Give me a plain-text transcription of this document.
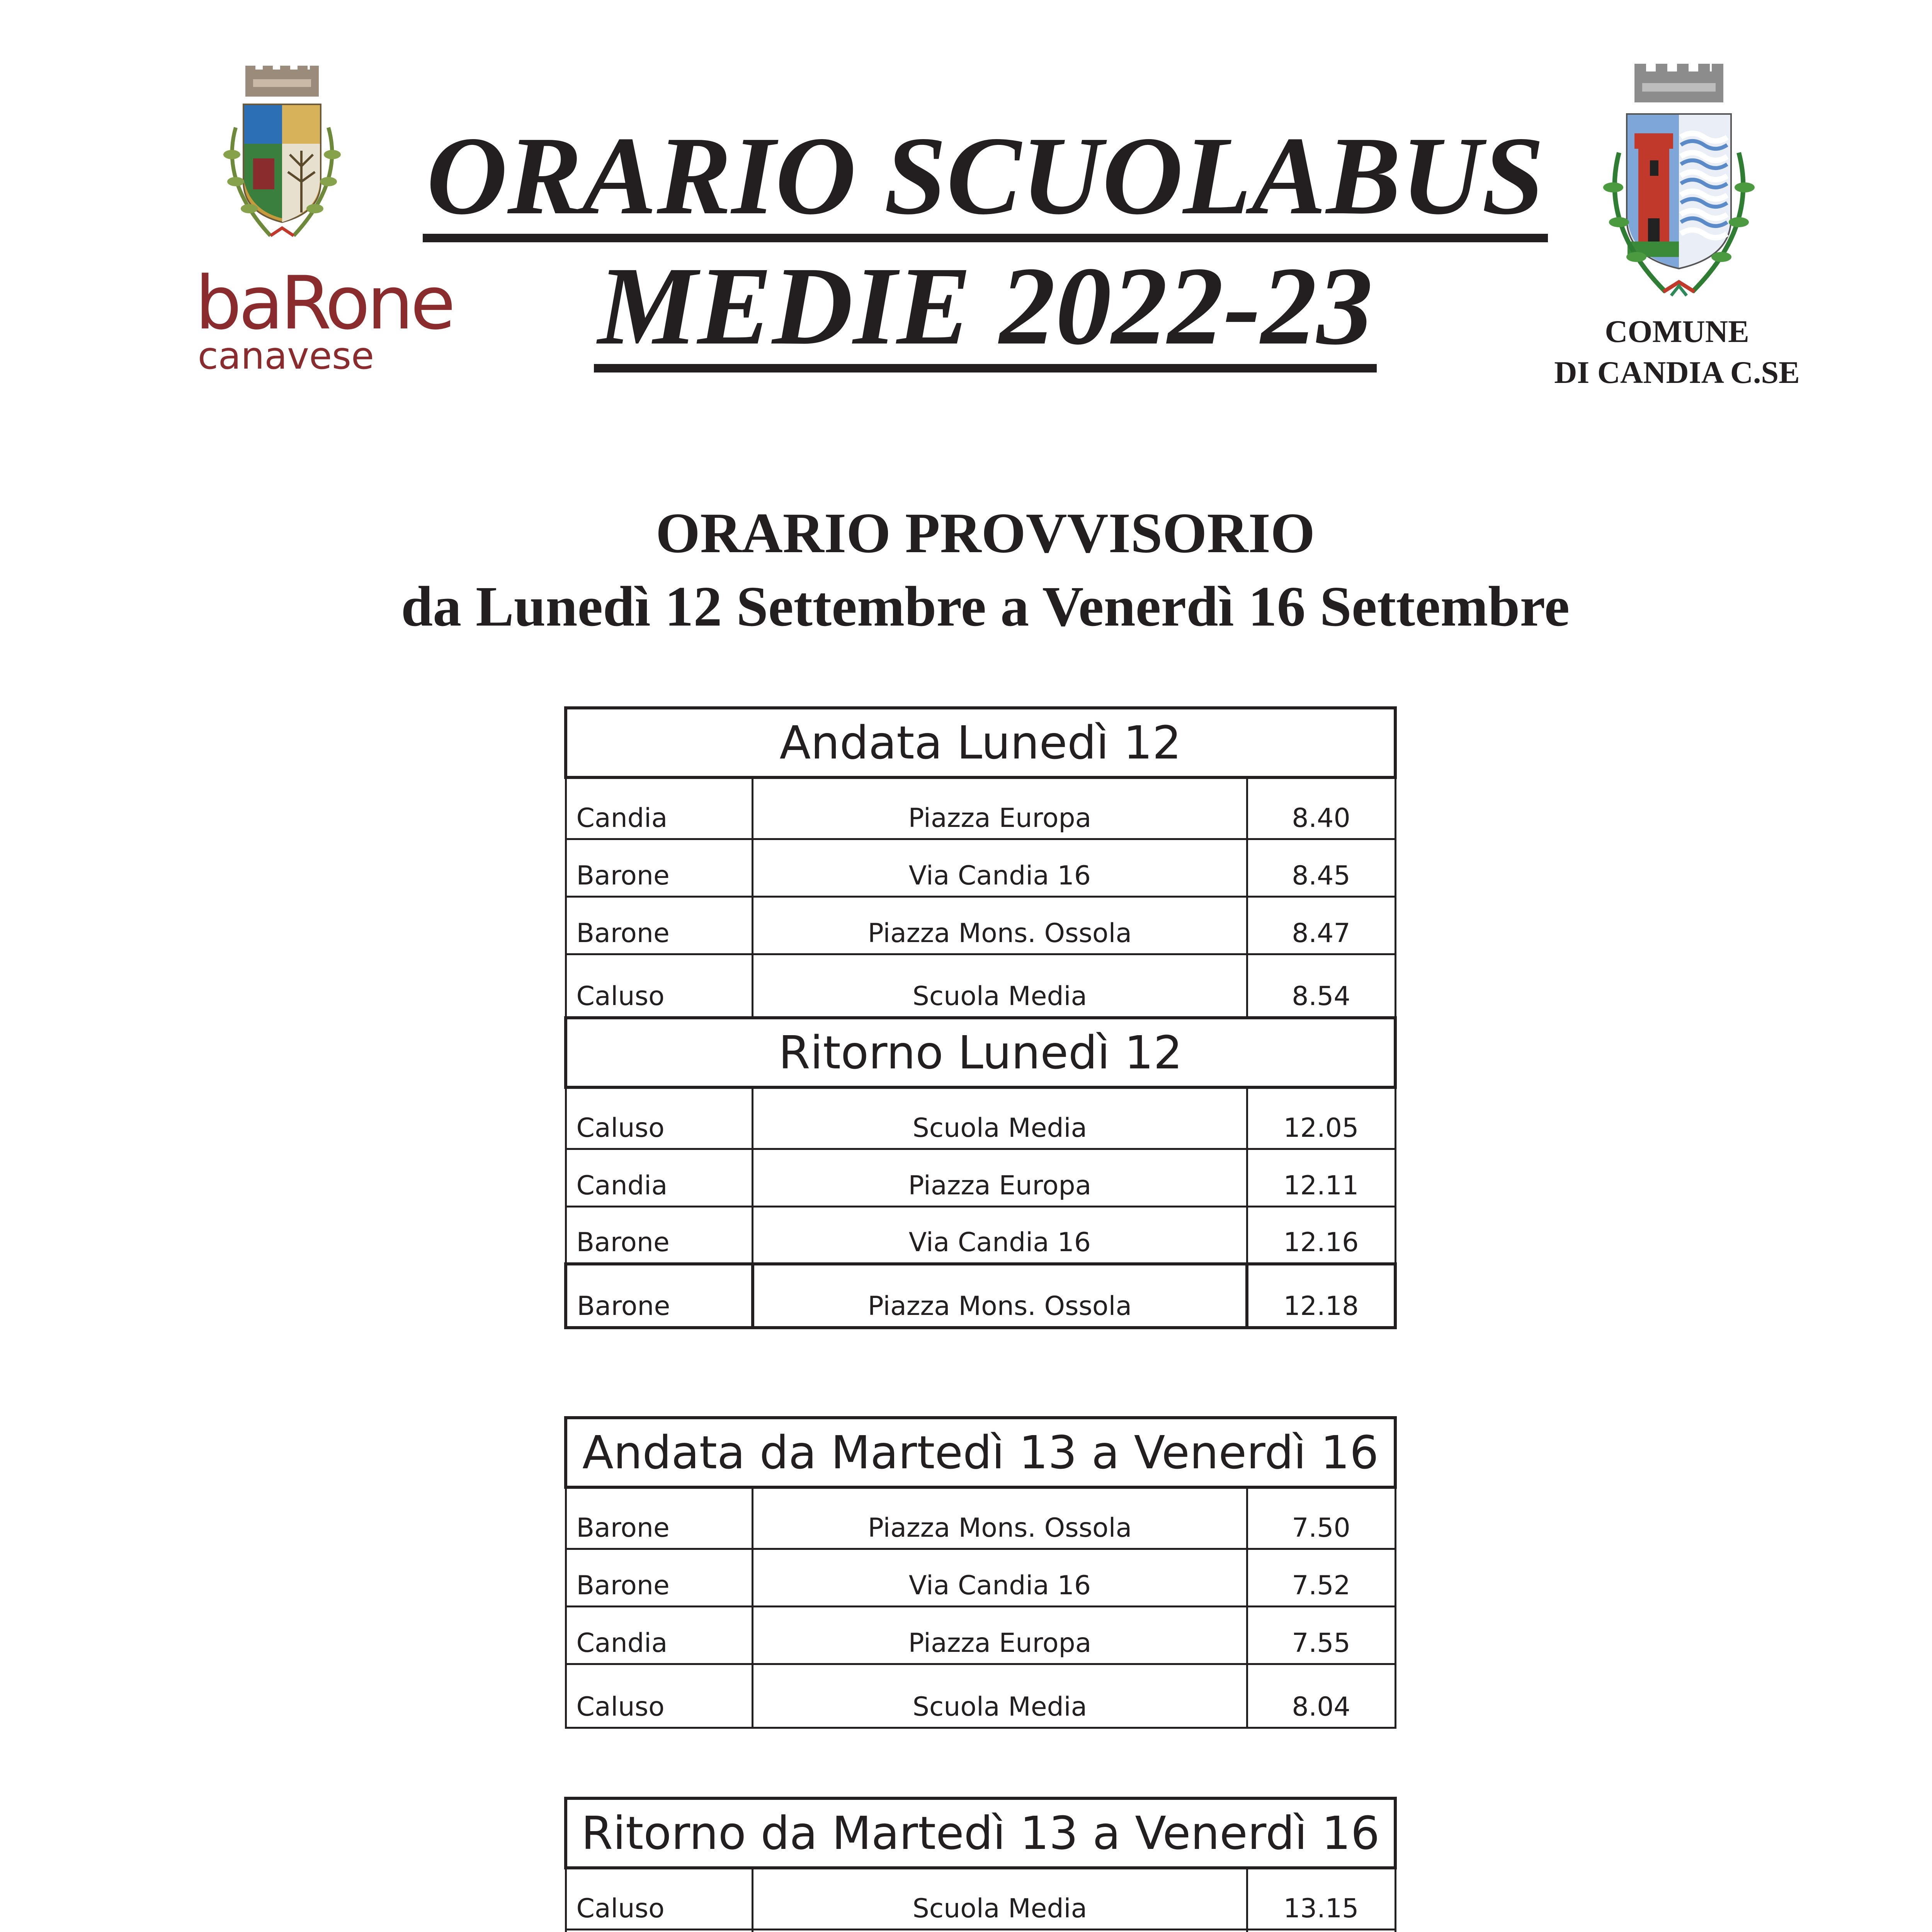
baRone
canavese
ORARIO SCUOLABUS
MEDIE 2022-23	COMUNE
DI CANDIA C.SE
ORARIO PROVVISORIO
da Lunedì 12 Settembre a Venerdì 16 Settembre
Andata Lunedì 12		
Candia	Piazza Europa	8.40
Barone	Via Candia 16	8.45
Barone	Piazza Mons. Ossola	8.47
Caluso	Scuola Media	8.54
Ritorno Lunedì 12		
Caluso	Scuola Media	12.05
Candia	Piazza Europa	12.11
Barone	Via Candia 16	12.16
Barone	Piazza Mons. Ossola	12.18
Andata da Martedì 13 a Venerdì 16		
Barone	Piazza Mons. Ossola	7.50
Barone	Via Candia 16	7.52
Candia	Piazza Europa	7.55
Caluso	Scuola Media	8.04
Ritorno da Martedì 13 a Venerdì 16		
Caluso	Scuola Media	13.15
